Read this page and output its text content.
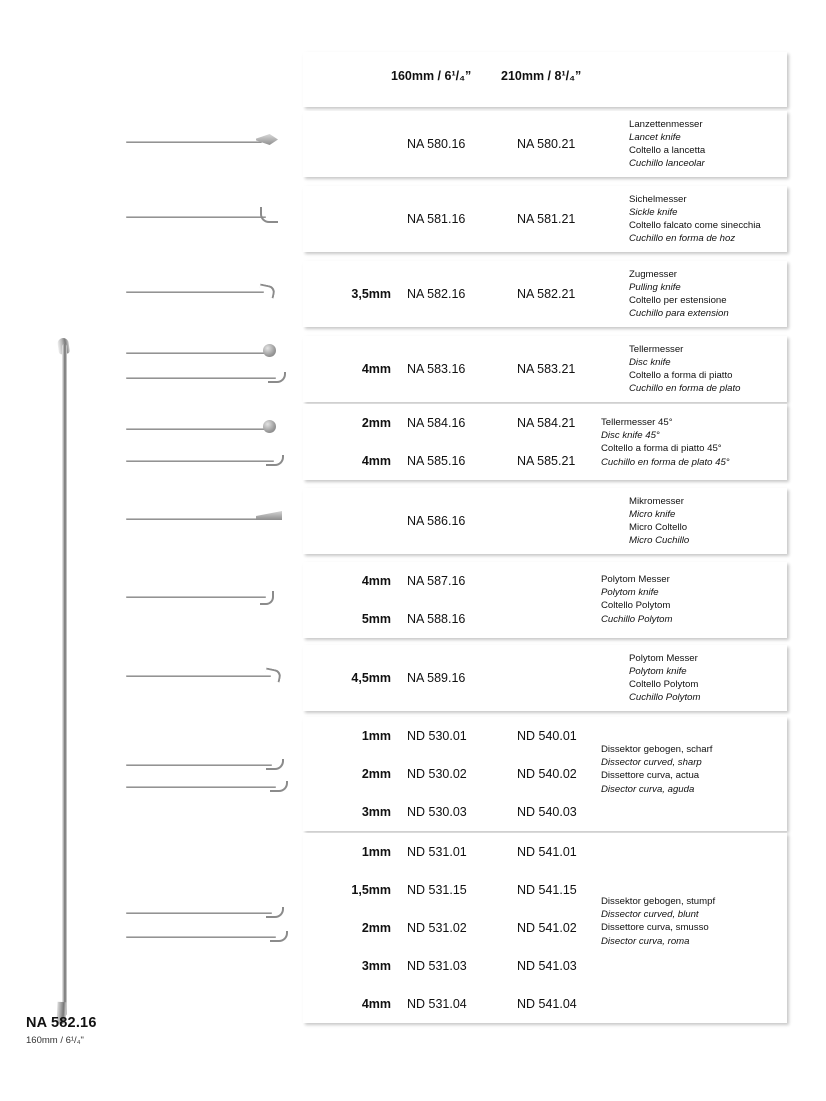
NA 582.16
160mm / 6¹/₄"
160mm / 6¹/₄” 210mm / 8¹/₄”
NA 580.16	NA 580.21
Lanzettenmesser
Lancet knife
Coltello a lancetta
Cuchillo lanceolar
NA 581.16	NA 581.21
Sichelmesser
Sickle knife
Coltello falcato come sinecchia
Cuchillo en forma de hoz
3,5mm	NA 582.16	NA 582.21
Zugmesser
Pulling knife
Coltello per estensione
Cuchillo para extension
4mm	NA 583.16	NA 583.21
Tellermesser
Disc knife
Coltello a forma di piatto
Cuchillo en forma de plato
2mm	NA 584.16	NA 584.21
4mm	NA 585.16	NA 585.21
Tellermesser 45°
Disc knife 45°
Coltello a forma di piatto 45°
Cuchillo en forma de plato 45°
NA 586.16
Mikromesser
Micro knife
Micro Coltello
Micro Cuchillo
4mm	NA 587.16
5mm	NA 588.16
Polytom Messer
Polytom knife
Coltello Polytom
Cuchillo Polytom
4,5mm	NA 589.16
Polytom Messer
Polytom knife
Coltello Polytom
Cuchillo Polytom
1mm	ND 530.01	ND 540.01
2mm	ND 530.02	ND 540.02
3mm	ND 530.03	ND 540.03
Dissektor gebogen, scharf
Dissector curved, sharp
Dissettore curva, actua
Disector curva, aguda
1mm	ND 531.01	ND 541.01
1,5mm	ND 531.15	ND 541.15
2mm	ND 531.02	ND 541.02
3mm	ND 531.03	ND 541.03
4mm	ND 531.04	ND 541.04
Dissektor gebogen, stumpf
Dissector curved, blunt
Dissettore curva, smusso
Disector curva, roma
